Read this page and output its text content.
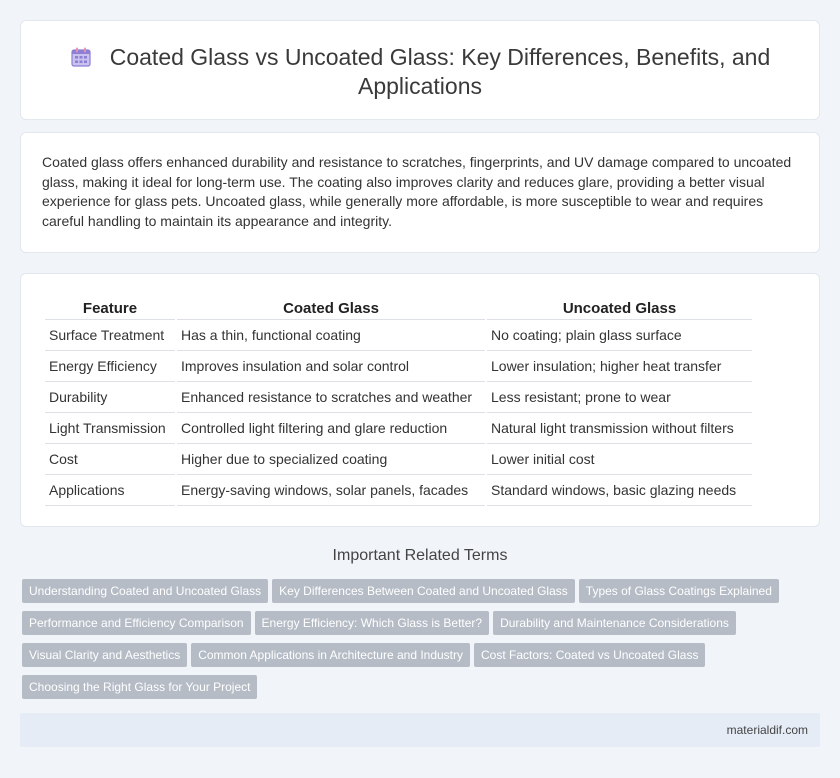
Coated Glass vs Uncoated Glass: Key Differences, Benefits, and Applications

Coated glass offers enhanced durability and resistance to scratches, fingerprints, and UV damage compared to uncoated glass, making it ideal for long-term use. The coating also improves clarity and reduces glare, providing a better visual experience for glass pets. Uncoated glass, while generally more affordable, is more susceptible to wear and requires careful handling to maintain its appearance and integrity.

Feature	Coated Glass	Uncoated Glass
Surface Treatment	Has a thin, functional coating	No coating; plain glass surface
Energy Efficiency	Improves insulation and solar control	Lower insulation; higher heat transfer
Durability	Enhanced resistance to scratches and weather	Less resistant; prone to wear
Light Transmission	Controlled light filtering and glare reduction	Natural light transmission without filters
Cost	Higher due to specialized coating	Lower initial cost
Applications	Energy-saving windows, solar panels, facades	Standard windows, basic glazing needs
Important Related Terms
Understanding Coated and Uncoated Glass Key Differences Between Coated and Uncoated Glass Types of Glass Coatings Explained
Performance and Efficiency Comparison Energy Efficiency: Which Glass is Better? Durability and Maintenance Considerations
Visual Clarity and Aesthetics Common Applications in Architecture and Industry Cost Factors: Coated vs Uncoated Glass
Choosing the Right Glass for Your Project
materialdif.com
